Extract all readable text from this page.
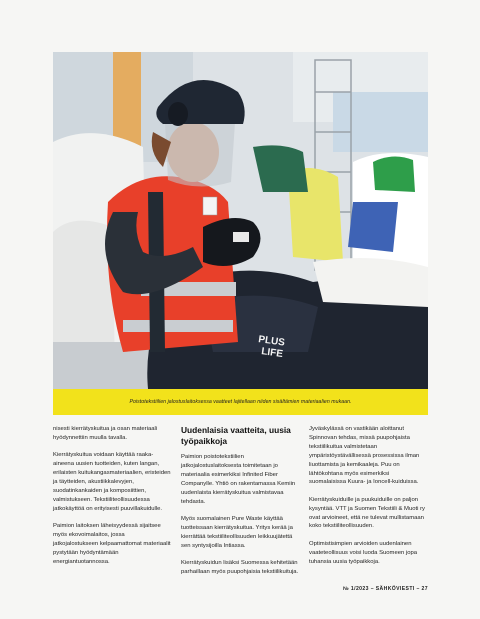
PLUS
LIFE
Poistotekstiilien jalostuslaitoksessa vaatteet lajitellaan niiden sisältämien materiaalien mukaan.

nisesti kierrätyskuitua ja osan materiaali hyödynnettiin muulla tavalla.

Kierrätyskuitua voidaan käyttää raaka-aineena uusien tuotteiden, kuten langan, erilaisten kuitukangasmateriaalien, eristeiden ja täytteiden, akustiikkalevyjen, suodatinkankaiden ja komposiittien, valmistukseen. Tekstiiliteollisuudessa jatkokäyttöä on erityisesti puuvillakuidulle.

Paimion laitoksen läheisyydessä sijaitsee myös ekovoimalaitos, jossa jatkojalostukseen kelpaamattomat materiaalit pystytään hyödyntämään energiantuotannossa.

Uudenlaisia vaatteita, uusia työpaikkoja

Paimion poistotekstiilien jatkojalostuslaitoksesta toimitetaan jo materiaalia esimerkiksi Infinited Fiber Companylle. Yhtiö on rakentamassa Kemiin uudenlaista kierrätyskuitua valmistavaa tehdasta.

Myös suomalainen Pure Waste käyttää tuotteissaan kierrätyskuitua. Yritys kerää ja kierrättää tekstiiliteollisuuden leikkuujätettä sen syntysijoilla Intiassa.

Kierrätyskuidun lisäksi Suomessa kehitetään parhaillaan myös puupohjaisia tekstiilikuituja.

Jyväskylässä on vastikään aloittanut Spinnovan tehdas, missä puupohjaista tekstiilikuitua valmistetaan ympäristöystävällisessä prosessissa ilman liuottamista ja kemikaaleja. Puu on lähtökohtana myös esimerkiksi suomalaisissa Kuura- ja Ioncell-kuiduissa.

Kierrätyskuiduille ja puukuiduille on paljon kysyntää. VTT ja Suomen Tekstiili & Muoti ry ovat arvioineet, että ne tulevat mullistamaan koko tekstiiliteollisuuden.

Optimistisimpien arvioiden uudenlainen vaateteollisuus voisi luoda Suomeen jopa tuhansia uusia työpaikkoja.

№ 1/2023 – SÄHKÖVIESTI – 27
